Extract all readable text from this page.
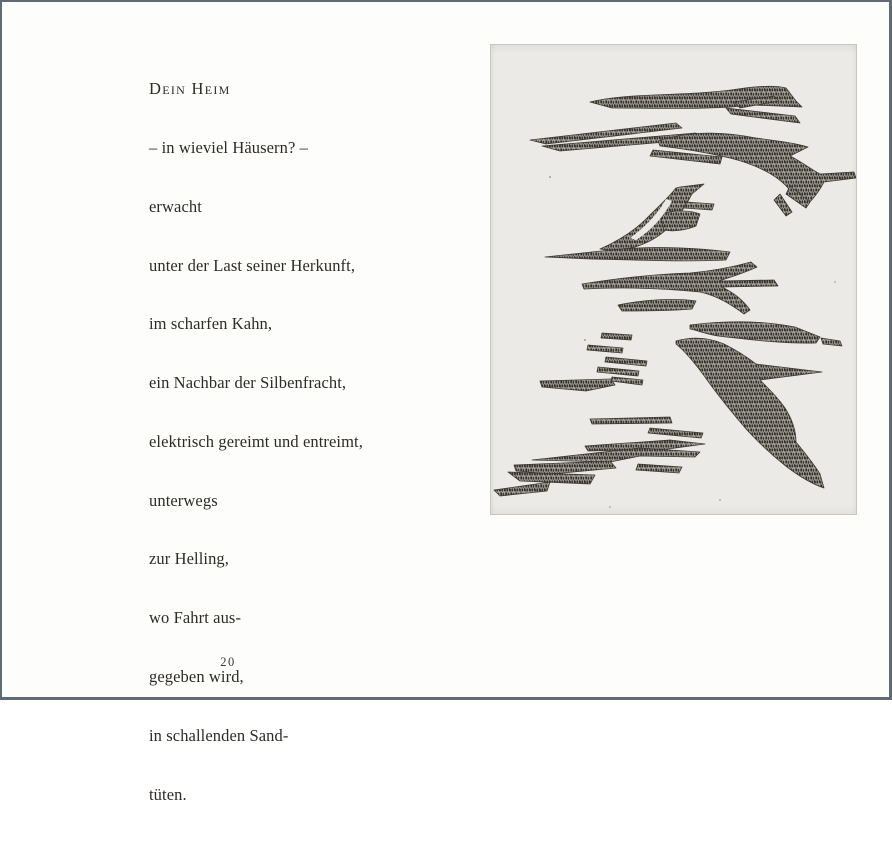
Dein Heim

– in wieviel Häusern? –

erwacht

unter der Last seiner Herkunft,

im scharfen Kahn,

ein Nachbar der Silbenfracht,

elektrisch gereimt und entreimt,

unterwegs

zur Helling,

wo Fahrt aus-

gegeben wird,

in schallenden Sand-

tüten.

20
